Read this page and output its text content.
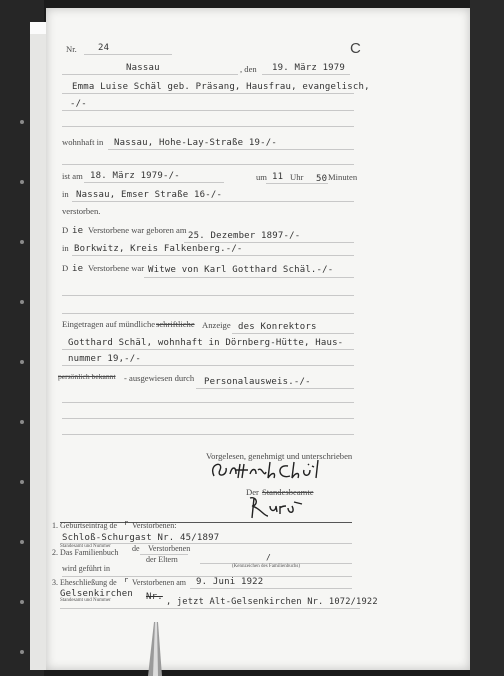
Nr. 24	C
Nassau	, den 19. März 1979
Emma Luise Schäl geb. Präsang, Hausfrau, evangelisch,
-/-
wohnhaft in Nassau, Hohe-Lay-Straße 19-/-
ist am 18. März 1979-/-	um 11 Uhr 50 Minuten
in Nassau, Emser Straße 16-/-
verstorben.
D ie Verstorbene war geboren am
25. Dezember 1897-/-
in Borkwitz, Kreis Falkenberg.-/-
D ie Verstorbene war Witwe von Karl Gotthard Schäl.-/-
Eingetragen auf mündliche -
schriftliche Anzeige des Konrektors
Gotthard Schäl, wohnhaft in Dörnberg-Hütte, Haus-
nummer 19,-/-
persönlich bekannt - ausgewiesen durch Personalausweis.-/-
Vorgelesen, genehmigt und unterschrieben
Der Standesbeamte
1. Geburtseintrag de r Verstorbenen:
Schloß-Schurgast Nr. 45/1897
Standesamt und Nummer
2. Das Familienbuch de Verstorbenen
der Eltern	/
(Kennzeichen des Familienbuchs)
wird geführt in
3. Eheschließung de r Verstorbenen am 9. Juni 1922
Gelsenkirchen Nr. , jetzt Alt-Gelsenkirchen Nr. 1072/1922
Standesamt und Nummer
